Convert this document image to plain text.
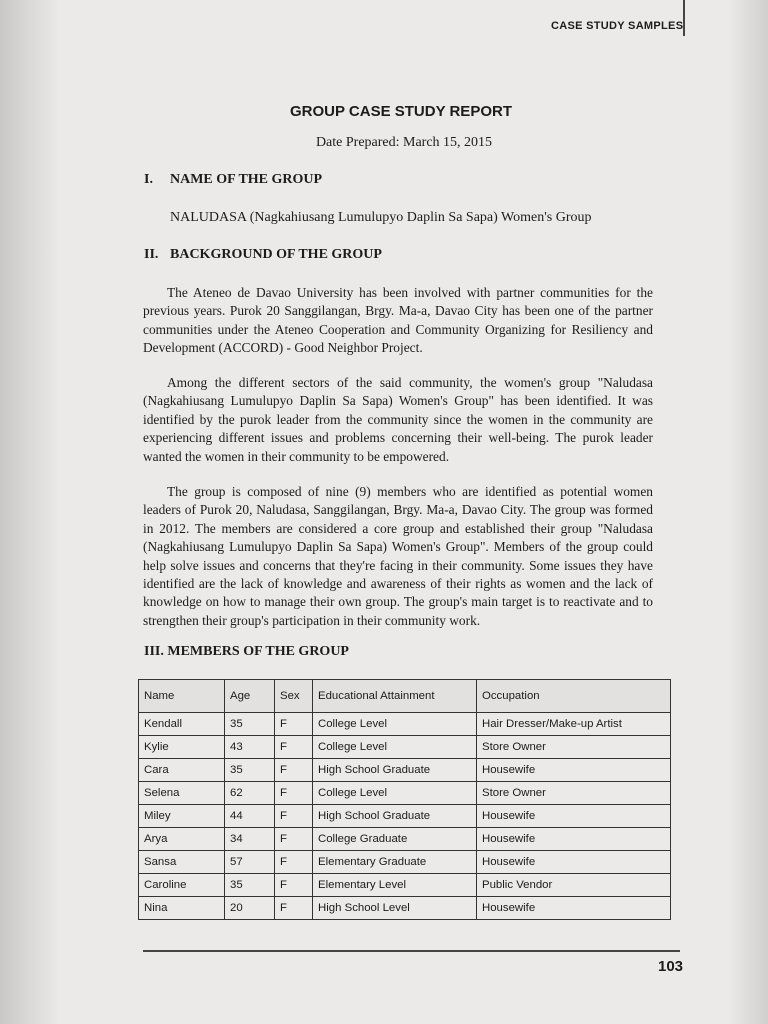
CASE STUDY SAMPLES
GROUP CASE STUDY REPORT
Date Prepared: March 15, 2015
I. NAME OF THE GROUP
NALUDASA (Nagkahiusang Lumulupyo Daplin Sa Sapa) Women's Group
II. BACKGROUND OF THE GROUP

The Ateneo de Davao University has been involved with partner communities for the previous years. Purok 20 Sanggilangan, Brgy. Ma-a, Davao City has been one of the partner communities under the Ateneo Cooperation and Community Organizing for Resiliency and Development (ACCORD) - Good Neighbor Project.

Among the different sectors of the said community, the women's group "Naludasa (Nagkahiusang Lumulupyo Daplin Sa Sapa) Women's Group" has been identified. It was identified by the purok leader from the community since the women in the community are experiencing different issues and problems concerning their well-being. The purok leader wanted the women in their community to be empowered.

The group is composed of nine (9) members who are identified as potential women leaders of Purok 20, Naludasa, Sanggilangan, Brgy. Ma-a, Davao City. The group was formed in 2012. The members are considered a core group and established their group "Naludasa (Nagkahiusang Lumulupyo Daplin Sa Sapa) Women's Group". Members of the group could help solve issues and concerns that they're facing in their community. Some issues they have identified are the lack of knowledge and awareness of their rights as women and the lack of knowledge on how to manage their own group. The group's main target is to reactivate and to strengthen their group's participation in their community work.

III. MEMBERS OF THE GROUP
Name	Age	Sex	Educational Attainment	Occupation
Kendall	35	F	College Level	Hair Dresser/Make-up Artist
Kylie	43	F	College Level	Store Owner
Cara	35	F	High School Graduate	Housewife
Selena	62	F	College Level	Store Owner
Miley	44	F	High School Graduate	Housewife
Arya	34	F	College Graduate	Housewife
Sansa	57	F	Elementary Graduate	Housewife
Caroline	35	F	Elementary Level	Public Vendor
Nina	20	F	High School Level	Housewife
103
